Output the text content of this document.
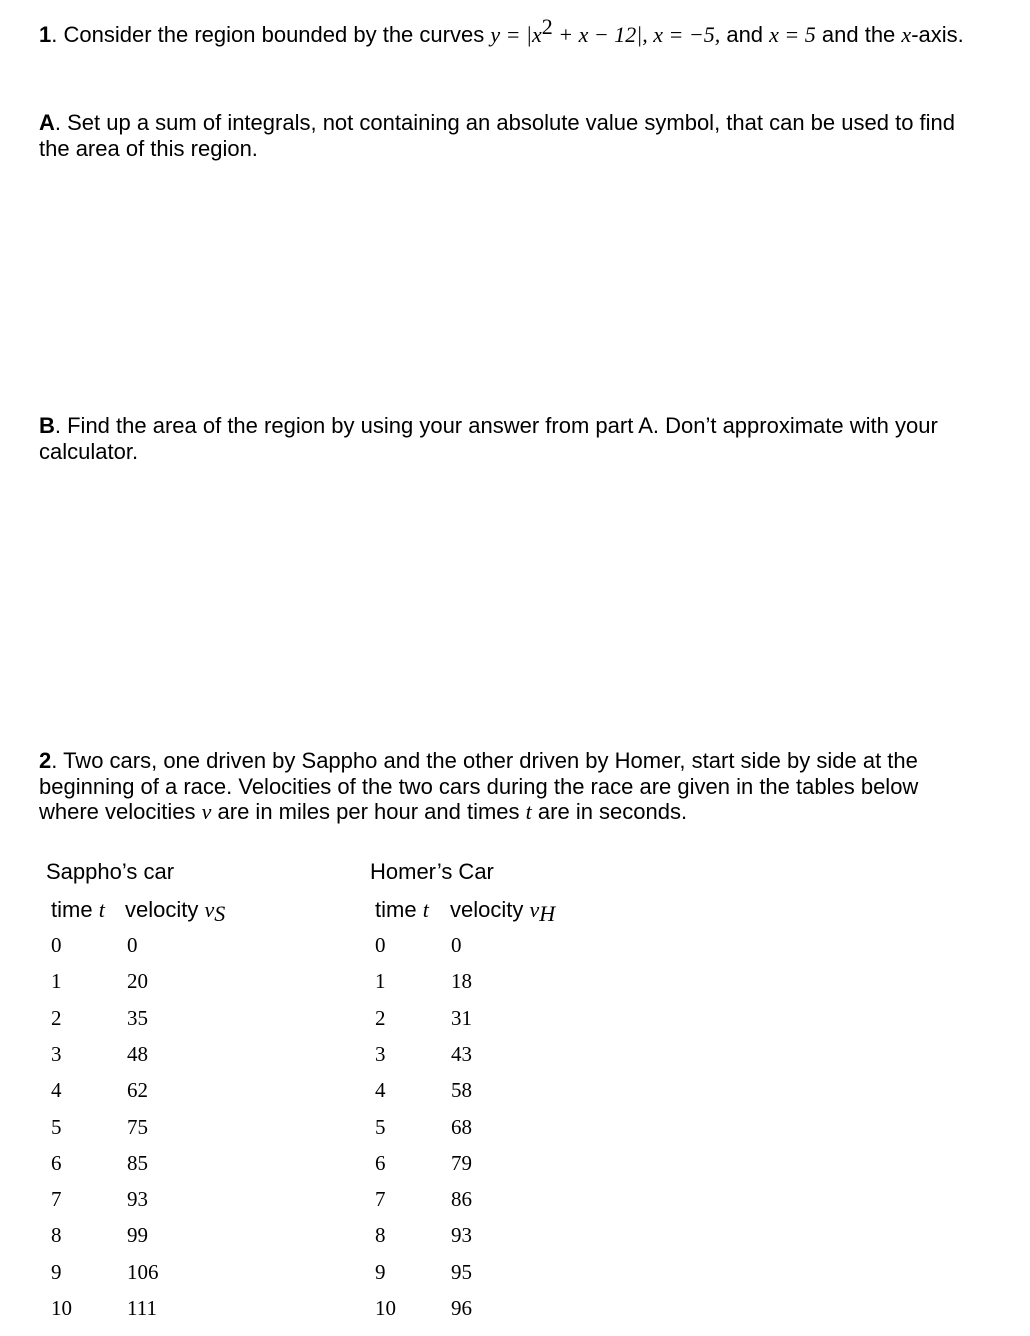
1. Consider the region bounded by the curves $y = |x^2 + x - 12|$, x = −5, and x = 5 and the x-axis.
A. Set up a sum of integrals, not containing an absolute value symbol, that can be used to find the area of this region.
B. Find the area of the region by using your answer from part A. Don’t approximate with your calculator.
2. Two cars, one driven by Sappho and the other driven by Homer, start side by side at the beginning of a race. Velocities of the two cars during the race are given in the tables below where velocities v are in miles per hour and times t are in seconds.
Sappho’s car
time t velocity $v_S$
0	0
1	20
2	35
3	48
4	62
5	75
6	85
7	93
8	99
9	106
10	111
Homer’s Car
time t velocity $v_H$
0	0
1	18
2	31
3	43
4	58
5	68
6	79
7	86
8	93
9	95
10	96
